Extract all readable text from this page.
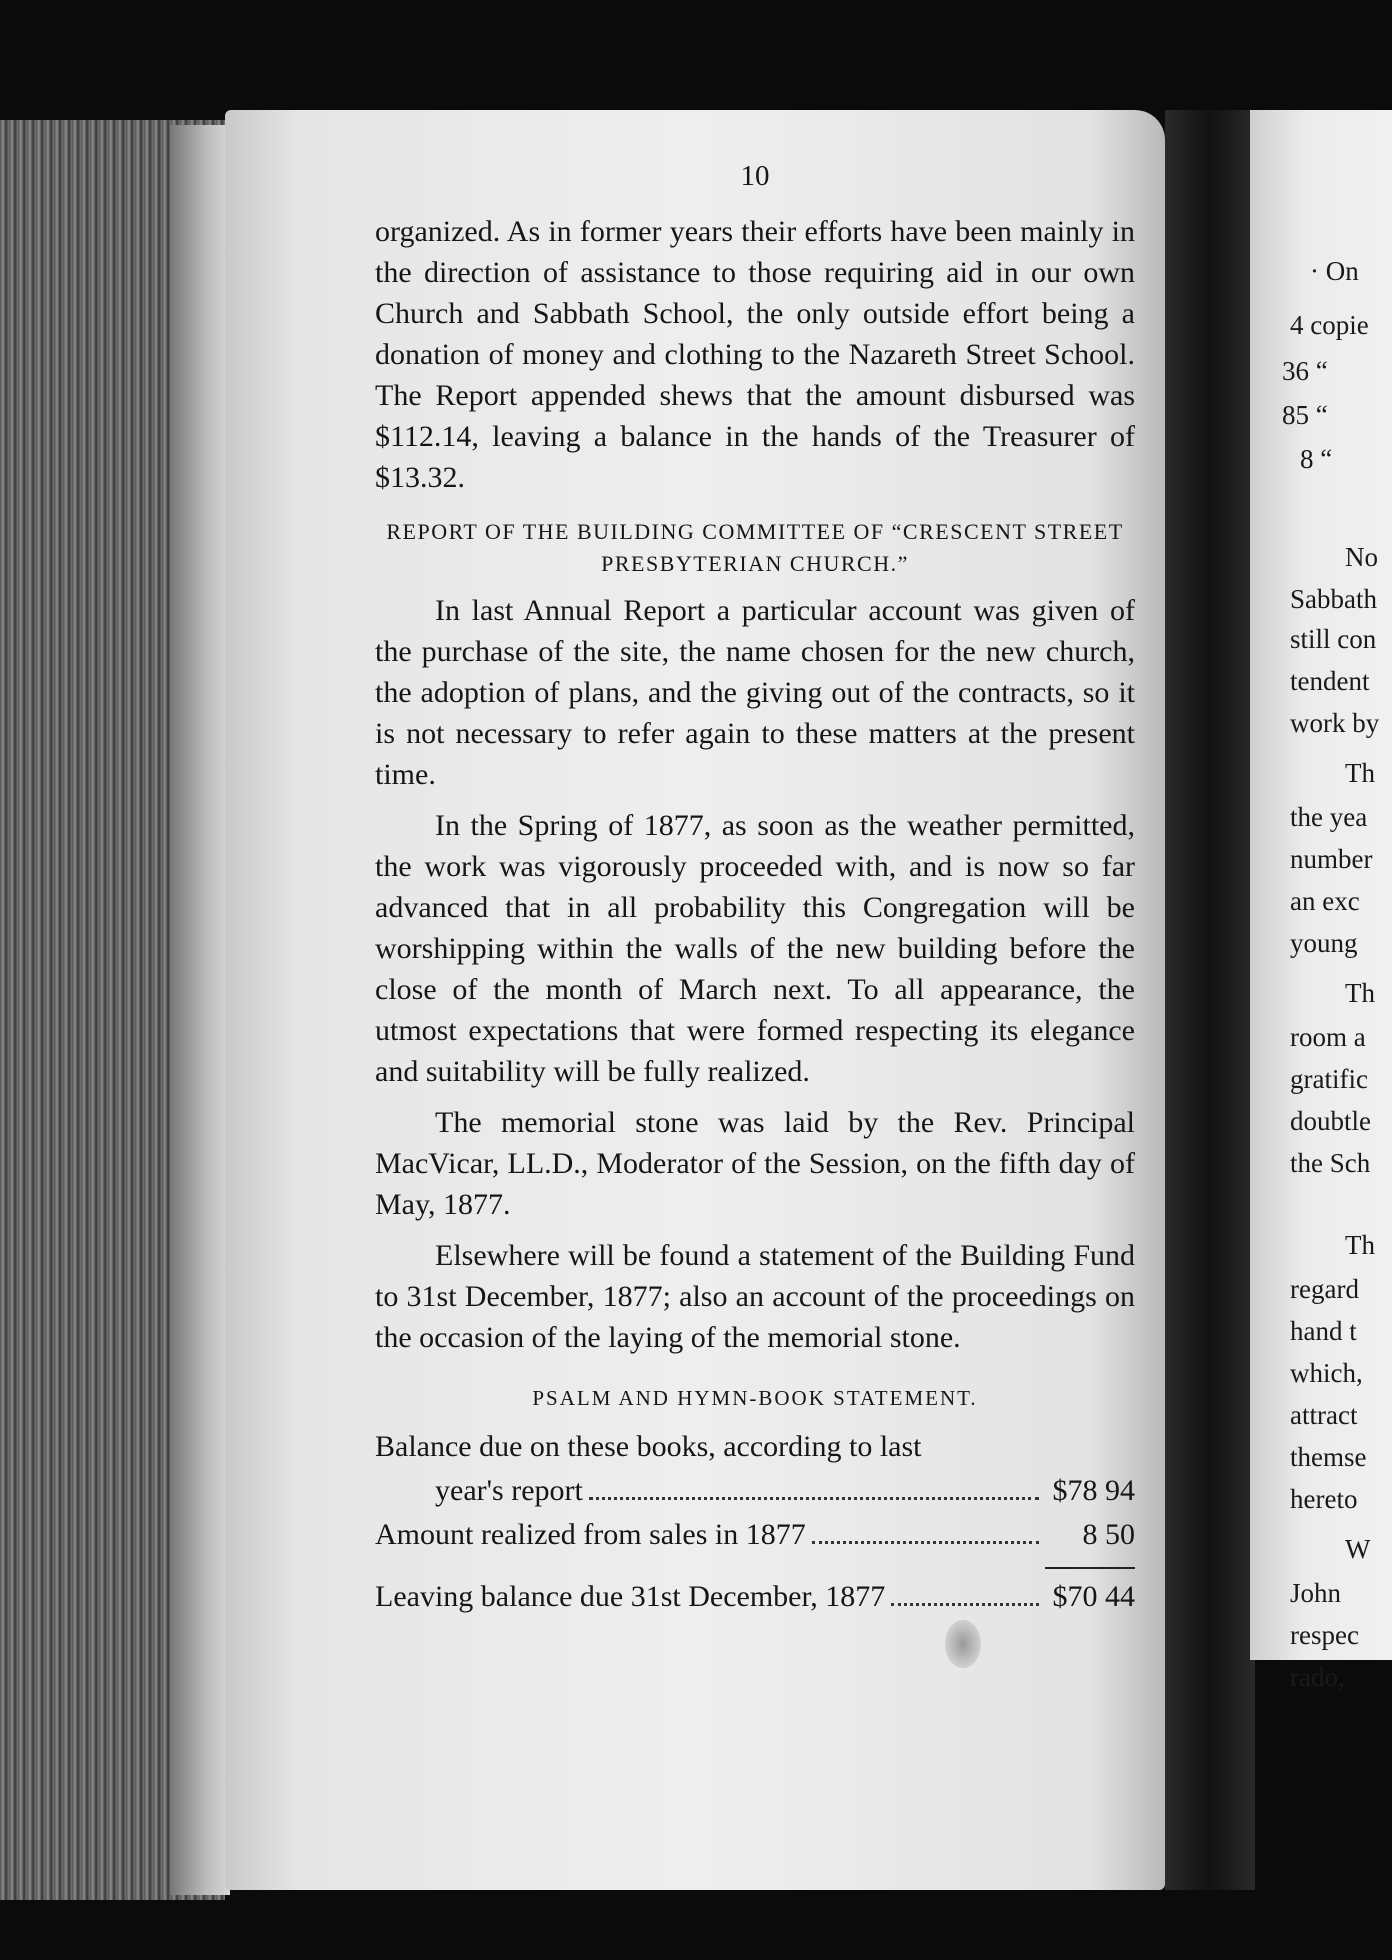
· On
4 copie
36 “
85 “
8 “
No
Sabbath
still con
tendent
work by
Th
the yea
number
an exc
young
Th
room a
gratific
doubtle
the Sch
Th
regard
hand t
which,
attract
themse
hereto
W
John
respec
rado,
10

organized. As in former years their efforts have been mainly in the direction of assistance to those requiring aid in our own Church and Sabbath School, the only outside effort being a donation of money and clothing to the Nazareth Street School. The Report appended shews that the amount disbursed was $112.14, leaving a balance in the hands of the Treasurer of $13.32.

REPORT OF THE BUILDING COMMITTEE OF “CRESCENT STREET PRESBYTERIAN CHURCH.”

In last Annual Report a particular account was given of the purchase of the site, the name chosen for the new church, the adoption of plans, and the giving out of the contracts, so it is not necessary to refer again to these matters at the present time.

In the Spring of 1877, as soon as the weather permitted, the work was vigorously proceeded with, and is now so far advanced that in all probability this Congregation will be worshipping within the walls of the new building before the close of the month of March next. To all appearance, the utmost expectations that were formed respecting its elegance and suitability will be fully realized.

The memorial stone was laid by the Rev. Principal MacVicar, LL.D., Moderator of the Session, on the fifth day of May, 1877.

Elsewhere will be found a statement of the Building Fund to 31st December, 1877; also an account of the proceedings on the occasion of the laying of the memorial stone.

PSALM AND HYMN-BOOK STATEMENT.
Balance due on these books, according to last
year's report	$78 94
Amount realized from sales in 1877	8 50
Leaving balance due 31st December, 1877	$70 44
